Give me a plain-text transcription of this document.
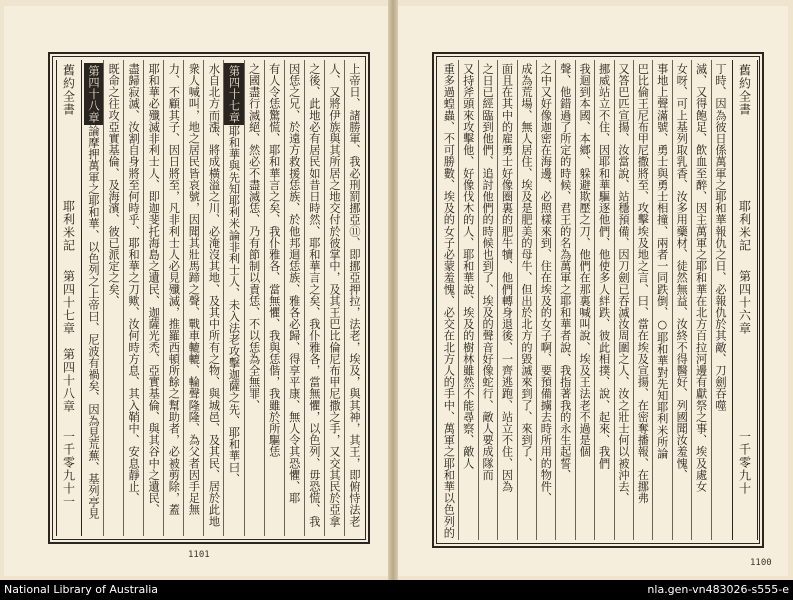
舊約全書
耶利米記
第四十七章　第四十八章
一千零九十一
上帝日、諸勝軍、我必刑罰挪亞⑪、即挪亞押拉，法老，埃及，與其神，其王，即俯恃法老
人、又將伊族與其所居之地交付於彼掌中，及其王巴比倫尼布甲尼撒之手，又交其民於亞拿
之後、此地必有居民如昔日時然、耶和華言之矣、我仆雅各，當無懼，以色列、毋恐慌、我
因恁之兄、於遠方救援恁族、於他邦迴恁族、雅各必歸、得享平康、無人令其恐懼、耶
有人令恁驚慌、耶和華言之矣、我仆雅各、當無懼、我與恁偕，我雖於所驅恁
之國盡行滅絕、然必不盡滅恁、乃有節制以責恁、不以恁為全無罪、
第四十七章耶和華與先知耶利米論非利士人、未入法老攻擊迦薩之先、耶和華曰、
水自北方而漲、將成橫溢之川、必淹沒其地、及其中所有之物、與城邑、及其民、居於此地
衆人喊叫，地之居民皆哀號，因聞其壯馬蹄之聲、戰車轆轆、輪聲隆隆、為父者因手足無
力、不顧其子、因日將至，凡非利士人必見殲滅，推羅西頓所餘之幫助者，必被剪除，蓋
耶和華必殲滅非利士人、即迦斐托海島之遺民、迦薩光禿、亞實基倫、與其谷中之遺民、
盡歸寂滅、汝割自身將至何時乎、耶和華之刀歟、汝何時方息、其入鞘中、安息靜止、
既命之往攻亞實基倫、及海濱、彼已派定之矣、
第四十八章論摩押萬軍之耶和華、以色列之上帝曰、尼波有禍矣、因為見荒蕪、基列亭見
1101
丁時、因為彼日係萬軍之耶和華報仇之日、必報仇於其敵、刀劍吞噬
滅、又得飽足、飲血至醉、因主萬軍之耶和華在北方百拉河邊有獻祭之事、埃及處女
女呀、可上基列取乳香、汝多用藥材、徒然無益、汝終不得醫好、列國聞汝羞愧、
事地上聲滿號、勇士與勇士相撞、兩者一同跌倒、○耶和華對先知耶利米所論
巴比倫王尼布甲尼撒將至、攻擊埃及地之言、曰、當在埃及宣揚、在密奪播報、在挪弗
又答巴匹宣揚、汝當說、站穩預備、因刀劍已吞滅汝周圍之人、汝之壯士何以被沖去、
挪威站立不住、因耶和華驅逐他們、他使多人絆跌、彼此相撲、說、起來、我們
我迴到本國、本鄉、躲避欺壓之刀、他們在那裏喊叫說、埃及王法老不過是個
聲、他錯過了所定的時候、君王的名為萬軍之耶和華者說、我指著我的永生起誓、
之中又好像迦密在海邊、必照樣來到、住在埃及的女子啊、要預備擄去時所用的物件、
成為荒場、無人居住、埃及是肥美的母牛、但出於北方的毀滅來到了、來到了、
面且在其中的雇勇士好像圈裏的肥牛犢、他們轉身退後、一齊逃跑、站立不住、因為
之日已經臨到他們、追討他們的時候也到了、埃及的聲音好像蛇行、敵人要成隊而
又持斧頭來攻擊他、好像伐木的人、耶和華說、埃及的樹林雖然不能尋察、敵人
重多過蝗蟲、不可勝數、埃及的女子必蒙羞愧、必交在北方人的手中、萬軍之耶和華以色列的	舊約全書
耶利米記
第四十六章
一千零九十
1100
National Library of Australia	nla.gen-vn483026-s555-e
